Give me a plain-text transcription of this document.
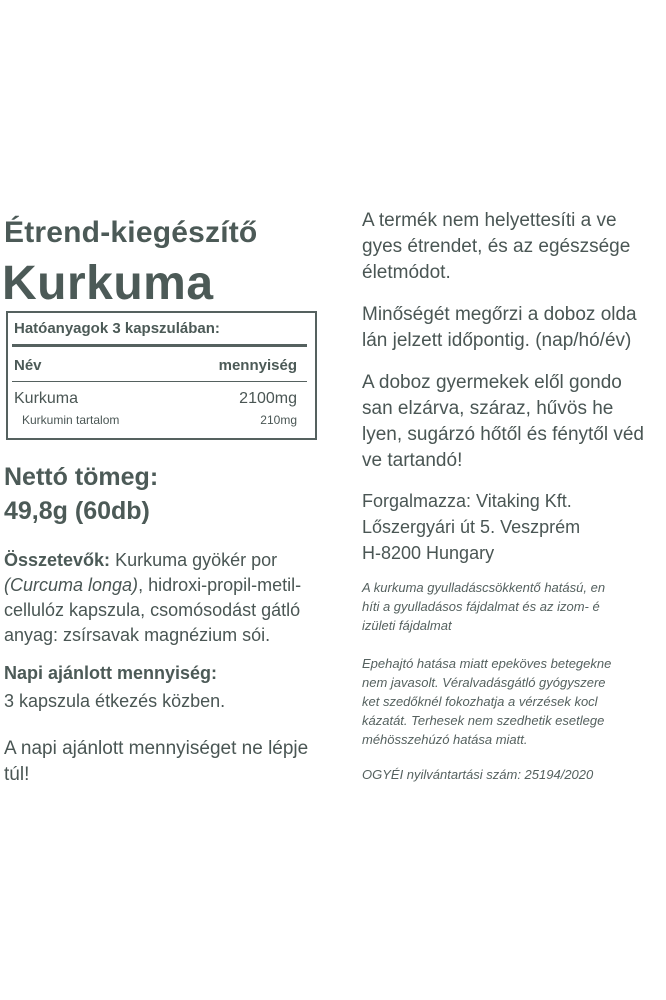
Étrend-kiegészítő
Kurkuma
Hatóanyagok 3 kapszulában:
Név	mennyiség
Kurkuma	2100mg
Kurkumin tartalom	210mg
Nettó tömeg:
49,8g (60db)
Összetevők: Kurkuma gyökér por (Curcuma longa), hidroxi-propil-metil-cellulóz kapszula, csomósodást gátló anyag: zsírsavak magnézium sói.
Napi ajánlott mennyiség:
3 kapszula étkezés közben.
A napi ajánlott mennyiséget ne lépje túl!
A termék nem helyettesíti a ve
gyes étrendet, és az egészsége
életmódot.
Minőségét megőrzi a doboz olda
lán jelzett időpontig. (nap/hó/év)
A doboz gyermekek elől gondo
san elzárva, száraz, hűvös he
lyen, sugárzó hőtől és fénytől véd
ve tartandó!
Forgalmazza: Vitaking Kft.
Lőszergyári út 5. Veszprém
H-8200 Hungary
A kurkuma gyulladáscsökkentő hatású, en
híti a gyulladásos fájdalmat és az izom- é
izületi fájdalmat
Epehajtó hatása miatt epeköves betegekne
nem javasolt. Véralvadásgátló gyógyszere
ket szedőknél fokozhatja a vérzések kocl
kázatát. Terhesek nem szedhetik esetlege
méhösszehúzó hatása miatt.
OGYÉI nyilvántartási szám: 25194/2020
